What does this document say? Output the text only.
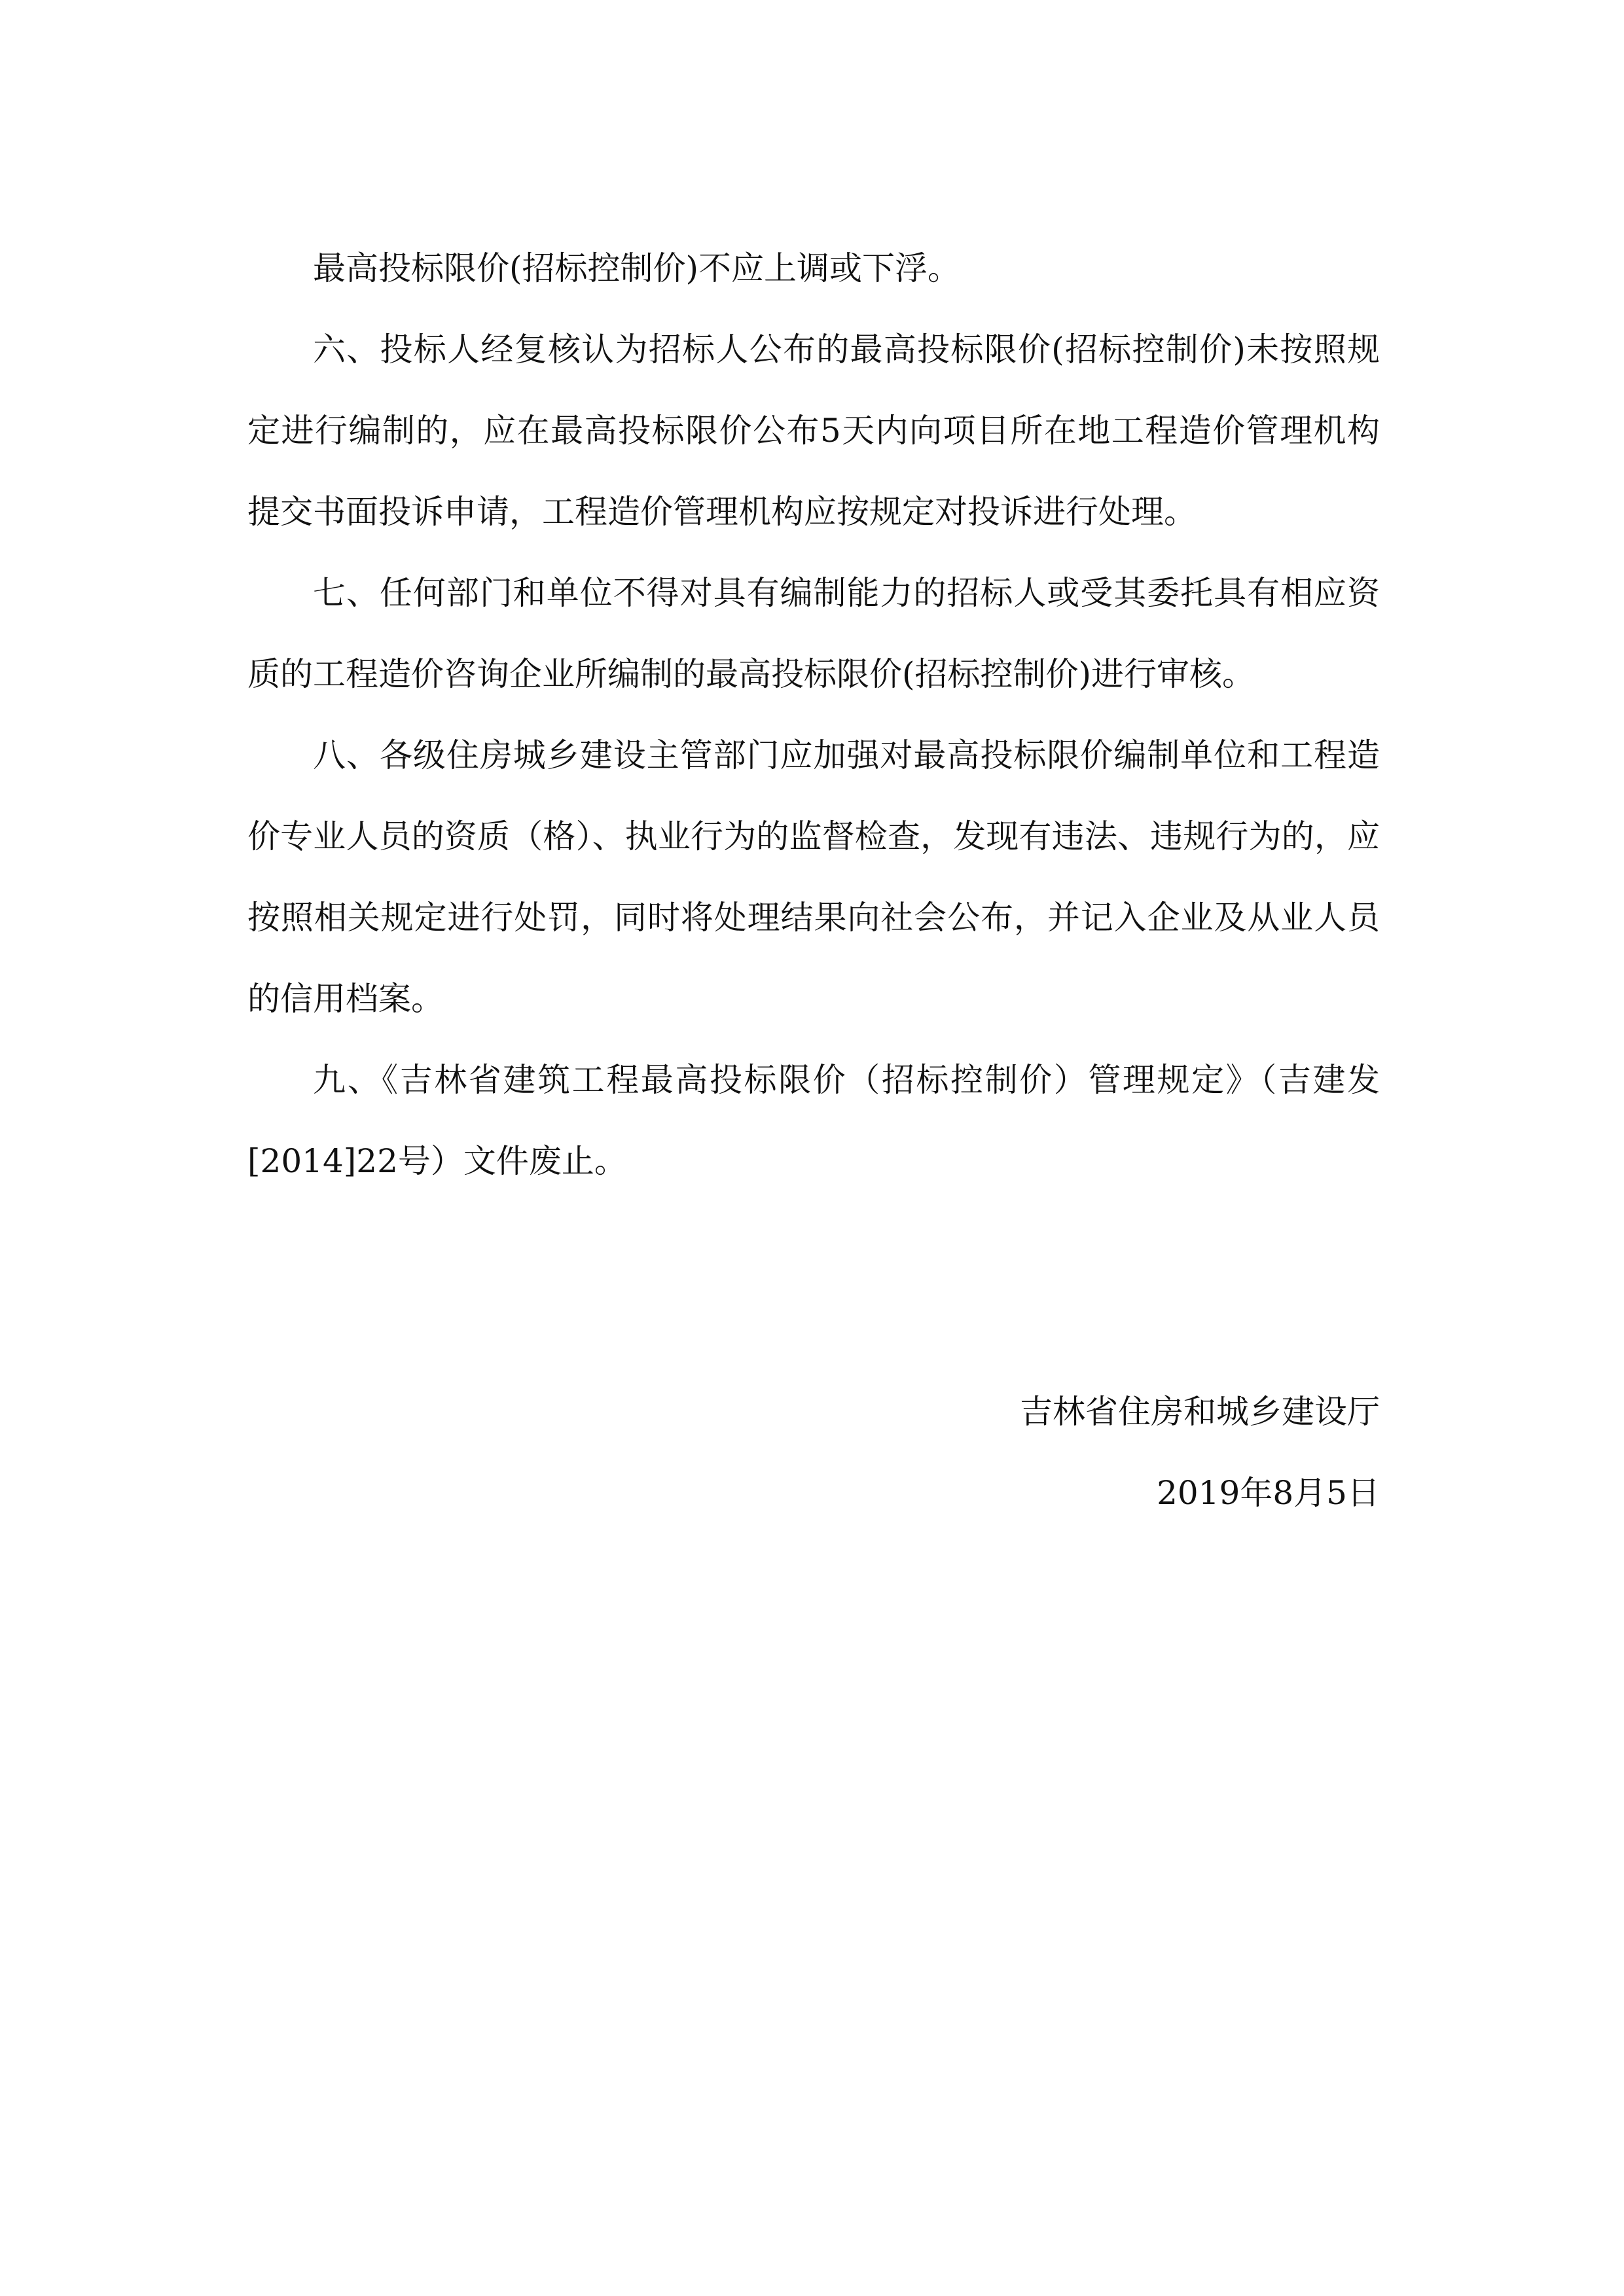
最高投标限价(招标控制价)不应上调或下浮。

六、投标人经复核认为招标人公布的最高投标限价(招标控制价)未按照规定进行编制的，应在最高投标限价公布5天内向项目所在地工程造价管理机构提交书面投诉申请，工程造价管理机构应按规定对投诉进行处理。

七、任何部门和单位不得对具有编制能力的招标人或受其委托具有相应资质的工程造价咨询企业所编制的最高投标限价(招标控制价)进行审核。

八、各级住房城乡建设主管部门应加强对最高投标限价编制单位和工程造价专业人员的资质（格）、执业行为的监督检查，发现有违法、违规行为的，应按照相关规定进行处罚，同时将处理结果向社会公布，并记入企业及从业人员的信用档案。

九、《吉林省建筑工程最高投标限价（招标控制价）管理规定》（吉建发[2014]22号）文件废止。

吉林省住房和城乡建设厅
2019年8月5日
